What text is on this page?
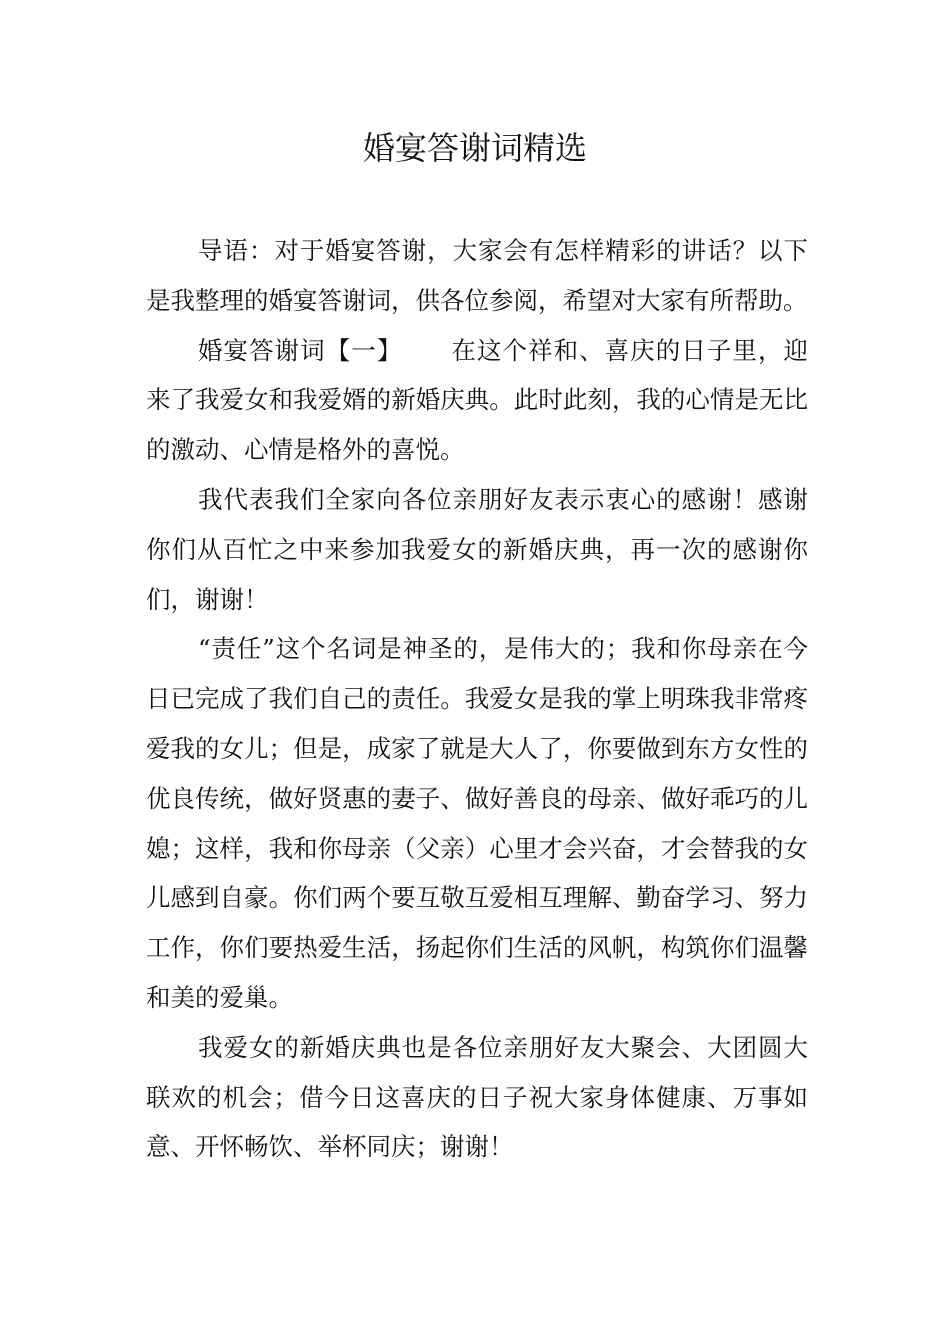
婚宴答谢词精选

导语：对于婚宴答谢，大家会有怎样精彩的讲话？以下是我整理的婚宴答谢词，供各位参阅，希望对大家有所帮助。

婚宴答谢词【一】 在这个祥和、喜庆的日子里，迎来了我爱女和我爱婿的新婚庆典。此时此刻，我的心情是无比的激动、心情是格外的喜悦。

我代表我们全家向各位亲朋好友表示衷心的感谢！感谢你们从百忙之中来参加我爱女的新婚庆典，再一次的感谢你们，谢谢！

“责任”这个名词是神圣的，是伟大的；我和你母亲在今日已完成了我们自己的责任。我爱女是我的掌上明珠我非常疼爱我的女儿；但是，成家了就是大人了，你要做到东方女性的优良传统，做好贤惠的妻子、做好善良的母亲、做好乖巧的儿媳；这样，我和你母亲（父亲）心里才会兴奋，才会替我的女儿感到自豪。你们两个要互敬互爱相互理解、勤奋学习、努力工作，你们要热爱生活，扬起你们生活的风帆，构筑你们温馨和美的爱巢。

我爱女的新婚庆典也是各位亲朋好友大聚会、大团圆大联欢的机会；借今日这喜庆的日子祝大家身体健康、万事如意、开怀畅饮、举杯同庆；谢谢！
